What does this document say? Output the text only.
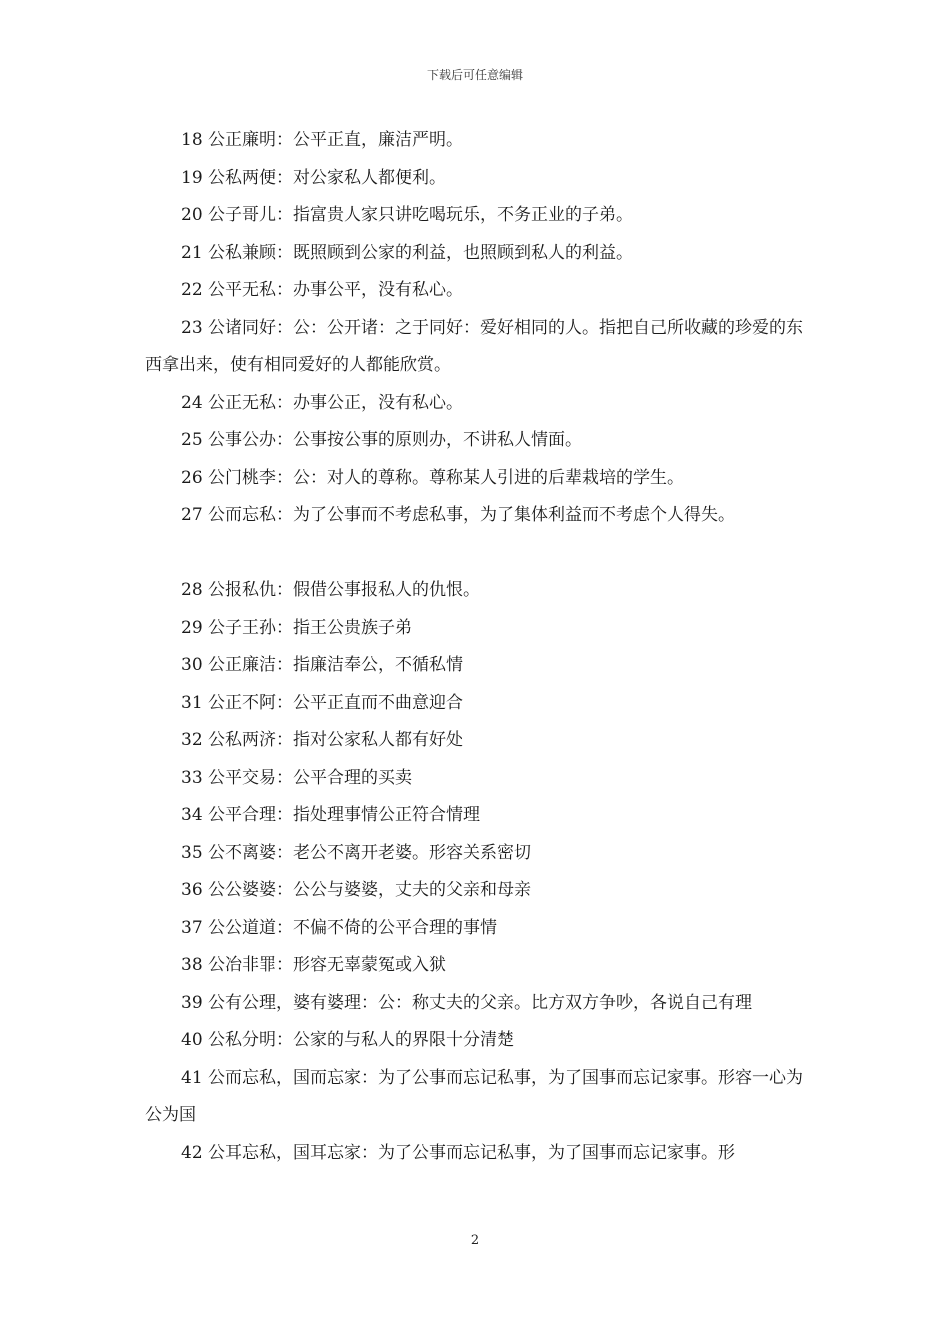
下载后可任意编辑

18 公正廉明：公平正直，廉洁严明。

19 公私两便：对公家私人都便利。

20 公子哥儿：指富贵人家只讲吃喝玩乐，不务正业的子弟。

21 公私兼顾：既照顾到公家的利益，也照顾到私人的利益。

22 公平无私：办事公平，没有私心。

23 公诸同好：公：公开诸：之于同好：爱好相同的人。指把自己所收藏的珍爱的东西拿出来，使有相同爱好的人都能欣赏。

24 公正无私：办事公正，没有私心。

25 公事公办：公事按公事的原则办，不讲私人情面。

26 公门桃李：公：对人的尊称。尊称某人引进的后辈栽培的学生。

27 公而忘私：为了公事而不考虑私事，为了集体利益而不考虑个人得失。

28 公报私仇：假借公事报私人的仇恨。

29 公子王孙：指王公贵族子弟

30 公正廉洁：指廉洁奉公，不循私情

31 公正不阿：公平正直而不曲意迎合

32 公私两济：指对公家私人都有好处

33 公平交易：公平合理的买卖

34 公平合理：指处理事情公正符合情理

35 公不离婆：老公不离开老婆。形容关系密切

36 公公婆婆：公公与婆婆，丈夫的父亲和母亲

37 公公道道：不偏不倚的公平合理的事情

38 公冶非罪：形容无辜蒙冤或入狱

39 公有公理，婆有婆理：公：称丈夫的父亲。比方双方争吵，各说自己有理

40 公私分明：公家的与私人的界限十分清楚

41 公而忘私，国而忘家：为了公事而忘记私事，为了国事而忘记家事。形容一心为公为国

42 公耳忘私，国耳忘家：为了公事而忘记私事，为了国事而忘记家事。形

2
